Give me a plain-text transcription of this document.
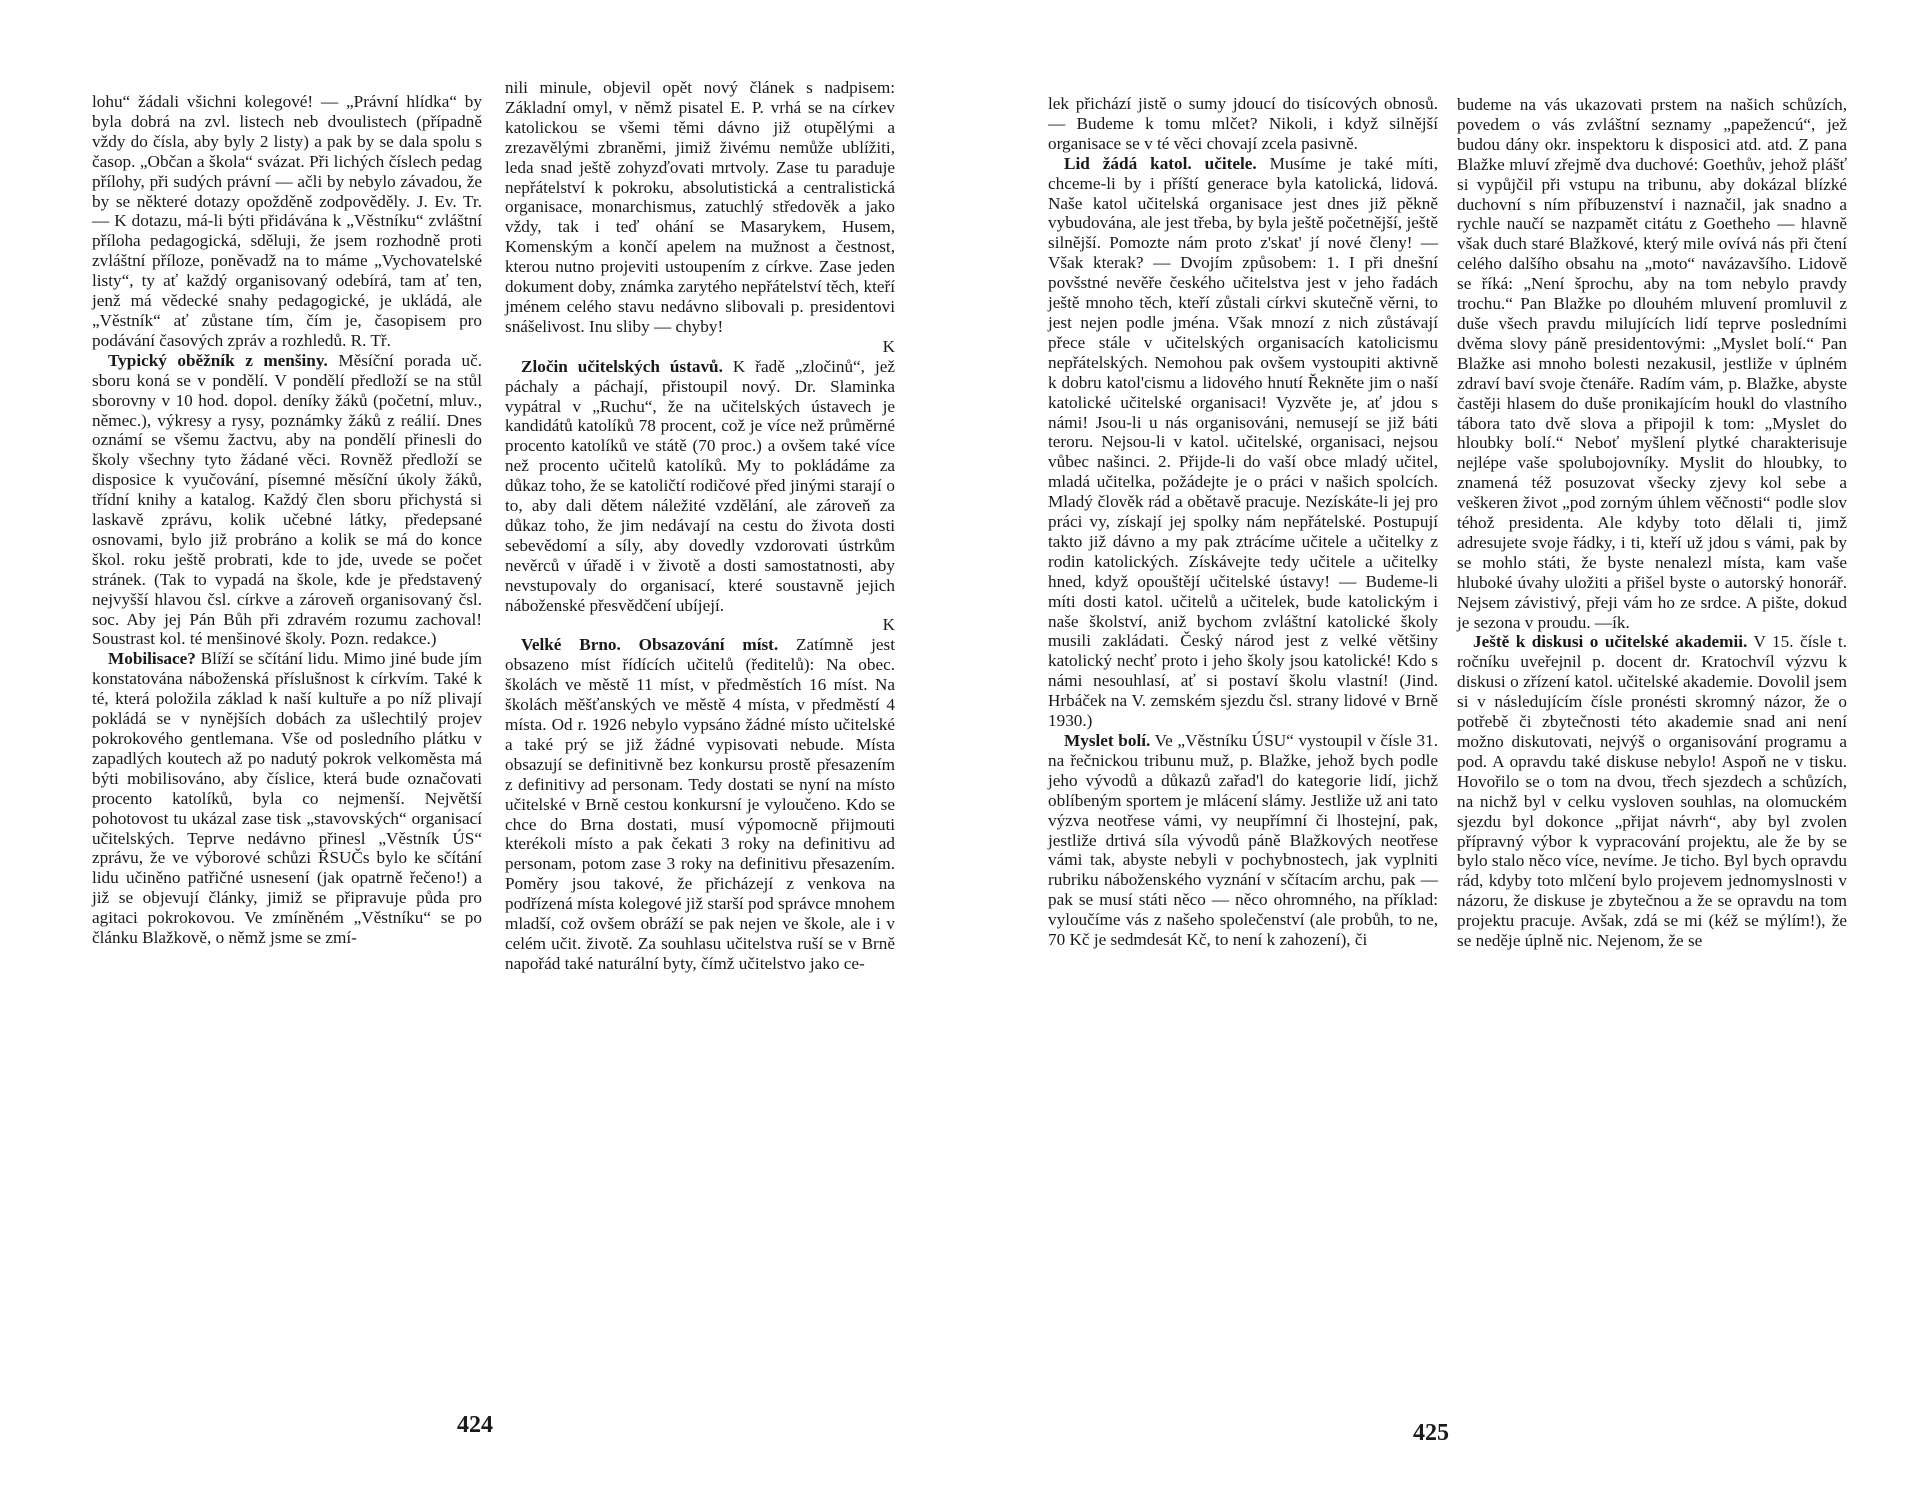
lohu“ žádali všichni kolegové! — „Právní hlídka“ by byla dobrá na zvl. listech neb dvoulistech (případně vždy do čísla, aby byly 2 listy) a pak by se dala spolu s časop. „Občan a škola“ svázat. Při lichých číslech pedag přílohy, při sudých právní — ačli by nebylo závadou, že by se některé dotazy opožděně zodpověděly. J. Ev. Tr. — K dotazu, má-li býti přidávána k „Věstníku“ zvláštní příloha pedagogická, sděluji, že jsem rozhodně proti zvláštní příloze, poněvadž na to máme „Vychovatelské listy“, ty ať každý organisovaný odebírá, tam ať ten, jenž má vědecké snahy pedagogické, je ukládá, ale „Věstník“ ať zůstane tím, čím je, časopisem pro podávání časových zpráv a rozhledů. R. Tř.

Typický oběžník z menšiny. Měsíční porada uč. sboru koná se v pondělí. V pondělí předloží se na stůl sborovny v 10 hod. dopol. deníky žáků (početní, mluv., němec.), výkresy a rysy, poznámky žáků z reálií. Dnes oznámí se všemu žactvu, aby na pondělí přinesli do školy všechny tyto žádané věci. Rovněž předloží se disposice k vyučování, písemné měsíční úkoly žáků, třídní knihy a katalog. Každý člen sboru přichystá si laskavě zprávu, kolik učebné látky, předepsané osnovami, bylo již probráno a kolik se má do konce škol. roku ještě probrati, kde to jde, uvede se počet stránek. (Tak to vypadá na škole, kde je představený nejvyšší hlavou čsl. církve a zároveň organisovaný čsl. soc. Aby jej Pán Bůh při zdravém rozumu zachoval! Soustrast kol. té menšinové školy. Pozn. redakce.)

Mobilisace? Blíží se sčítání lidu. Mimo jiné bude jím konstatována náboženská příslušnost k církvím. Také k té, která položila základ k naší kultuře a po níž plivají pokládá se v nynějších dobách za ušlechtilý projev pokrokového gentlemana. Vše od posledního plátku v zapadlých koutech až po nadutý pokrok velkoměsta má býti mobilisováno, aby číslice, která bude označovati procento katolíků, byla co nejmenší. Největší pohotovost tu ukázal zase tisk „stavovských“ organisací učitelských. Teprve nedávno přinesl „Věstník ÚS“ zprávu, že ve výborové schůzi ŘSUČs bylo ke sčítání lidu učiněno patřičné usnesení (jak opatrně řečeno!) a již se objevují články, jimiž se připravuje půda pro agitaci pokrokovou. Ve zmíněném „Věstníku“ se po článku Blažkově, o němž jsme se zmí-

nili minule, objevil opět nový článek s nadpisem: Základní omyl, v němž pisatel E. P. vrhá se na církev katolickou se všemi těmi dávno již otupělými a zrezavělými zbraněmi, jimiž živému nemůže ublížiti, leda snad ještě zohyzďovati mrtvoly. Zase tu paraduje nepřátelství k pokroku, absolutistická a centralistická organisace, monarchismus, zatuchlý středověk a jako vždy, tak i teď ohání se Masarykem, Husem, Komenským a končí apelem na mužnost a čestnost, kterou nutno projeviti ustoupením z církve. Zase jeden dokument doby, známka zarytého nepřátelství těch, kteří jménem celého stavu nedávno slibovali p. presidentovi snášelivost. Inu sliby — chyby!
K

Zločin učitelských ústavů. K řadě „zločinů“, jež páchaly a páchají, přistoupil nový. Dr. Slaminka vypátral v „Ruchu“, že na učitelských ústavech je kandidátů katolíků 78 procent, což je více než průměrné procento katolíků ve státě (70 proc.) a ovšem také více než procento učitelů katolíků. My to pokládáme za důkaz toho, že se katoličtí rodičové před jinými starají o to, aby dali dětem náležité vzdělání, ale zároveň za důkaz toho, že jim nedávají na cestu do života dosti sebevědomí a síly, aby dovedly vzdorovati ústrkům nevěrců v úřadě i v životě a dosti samostatnosti, aby nevstupovaly do organisací, které soustavně jejich náboženské přesvědčení ubíjejí.
K

Velké Brno. Obsazování míst. Zatímně jest obsazeno míst řídících učitelů (ředitelů): Na obec. školách ve městě 11 míst, v předměstích 16 míst. Na školách měšťanských ve městě 4 místa, v předměstí 4 místa. Od r. 1926 nebylo vypsáno žádné místo učitelské a také prý se již žádné vypisovati nebude. Místa obsazují se definitivně bez konkursu prostě přesazením z definitivy ad personam. Tedy dostati se nyní na místo učitelské v Brně cestou konkursní je vyloučeno. Kdo se chce do Brna dostati, musí výpomocně přijmouti kterékoli místo a pak čekati 3 roky na definitivu ad personam, potom zase 3 roky na definitivu přesazením. Poměry jsou takové, že přicházejí z venkova na podřízená místa kolegové již starší pod správce mnohem mladší, což ovšem obráží se pak nejen ve škole, ale i v celém učit. životě. Za souhlasu učitelstva ruší se v Brně napořád také naturální byty, čímž učitelstvo jako ce-

424

lek přichází jistě o sumy jdoucí do tisícových obnosů. — Budeme k tomu mlčet? Nikoli, i když silnější organisace se v té věci chovají zcela pasivně.

Lid žádá katol. učitele. Musíme je také míti, chceme-li by i příští generace byla katolická, lidová. Naše katol učitelská organisace jest dnes již pěkně vybudována, ale jest třeba, by byla ještě početnější, ještě silnější. Pomozte nám proto z'skat' jí nové členy! — Však kterak? — Dvojím způsobem: 1. I při dnešní povšstné nevěře českého učitelstva jest v jeho řadách ještě mnoho těch, kteří zůstali církvi skutečně věrni, to jest nejen podle jména. Však mnozí z nich zůstávají přece stále v učitelských organisacích katolicismu nepřátelských. Nemohou pak ovšem vystoupiti aktivně k dobru katol'cismu a lidového hnutí Řekněte jim o naší katolické učitelské organisaci! Vyzvěte je, ať jdou s námi! Jsou-li u nás organisováni, nemusejí se již báti teroru. Nejsou-li v katol. učitelské, organisaci, nejsou vůbec našinci. 2. Přijde-li do vaší obce mladý učitel, mladá učitelka, požádejte je o práci v našich spolcích. Mladý člověk rád a obětavě pracuje. Nezískáte-li jej pro práci vy, získají jej spolky nám nepřátelské. Postupují takto již dávno a my pak ztrácíme učitele a učitelky z rodin katolických. Získávejte tedy učitele a učitelky hned, když opouštějí učitelské ústavy! — Budeme-li míti dosti katol. učitelů a učitelek, bude katolickým i naše školství, aniž bychom zvláštní katolické školy musili zakládati. Český národ jest z velké většiny katolický nechť proto i jeho školy jsou katolické! Kdo s námi nesouhlasí, ať si postaví školu vlastní! (Jind. Hrbáček na V. zemském sjezdu čsl. strany lidové v Brně 1930.)

Myslet bolí. Ve „Věstníku ÚSU“ vystoupil v čísle 31. na řečnickou tribunu muž, p. Blažke, jehož bych podle jeho vývodů a důkazů zařad'l do kategorie lidí, jichž oblíbeným sportem je mlácení slámy. Jestliže už ani tato výzva neotřese vámi, vy neupřímní či lhostejní, pak, jestliže drtivá síla vývodů páně Blažkových neotřese vámi tak, abyste nebyli v pochybnostech, jak vyplniti rubriku náboženského vyznání v sčítacím archu, pak — pak se musí státi něco — něco ohromného, na příklad: vyloučíme vás z našeho společenství (ale probůh, to ne, 70 Kč je sedmdesát Kč, to není k zahození), či

budeme na vás ukazovati prstem na našich schůzích, povedem o vás zvláštní seznamy „papežencú“, jež budou dány okr. inspektoru k disposici atd. atd. Z pana Blažke mluví zřejmě dva duchové: Goethův, jehož plášť si vypůjčil při vstupu na tribunu, aby dokázal blízké duchovní s ním příbuzenství i naznačil, jak snadno a rychle naučí se nazpamět citátu z Goetheho — hlavně však duch staré Blažkové, který mile ovívá nás při čtení celého dalšího obsahu na „moto“ navázavšího. Lidově se říká: „Není šprochu, aby na tom nebylo pravdy trochu.“ Pan Blažke po dlouhém mluvení promluvil z duše všech pravdu milujících lidí teprve posledními dvěma slovy páně presidentovými: „Myslet bolí.“ Pan Blažke asi mnoho bolesti nezakusil, jestliže v úplném zdraví baví svoje čtenáře. Radím vám, p. Blažke, abyste častěji hlasem do duše pronikajícím houkl do vlastního tábora tato dvě slova a připojil k tom: „Myslet do hloubky bolí.“ Neboť myšlení plytké charakterisuje nejlépe vaše spolubojovníky. Myslit do hloubky, to znamená též posuzovat všecky zjevy kol sebe a veškeren život „pod zorným úhlem věčnosti“ podle slov téhož presidenta. Ale kdyby toto dělali ti, jimž adresujete svoje řádky, i ti, kteří už jdou s vámi, pak by se mohlo státi, že byste nenalezl místa, kam vaše hluboké úvahy uložiti a přišel byste o autorský honorář. Nejsem závistivý, přeji vám ho ze srdce. A pište, dokud je sezona v proudu. —ík.

Ještě k diskusi o učitelské akademii. V 15. čísle t. ročníku uveřejnil p. docent dr. Kratochvíl výzvu k diskusi o zřízení katol. učitelské akademie. Dovolil jsem si v následujícím čísle pronésti skromný názor, že o potřebě či zbytečnosti této akademie snad ani není možno diskutovati, nejvýš o organisování programu a pod. A opravdu také diskuse nebylo! Aspoň ne v tisku. Hovořilo se o tom na dvou, třech sjezdech a schůzích, na nichž byl v celku vysloven souhlas, na olomuckém sjezdu byl dokonce „přijat návrh“, aby byl zvolen přípravný výbor k vypracování projektu, ale že by se bylo stalo něco více, nevíme. Je ticho. Byl bych opravdu rád, kdyby toto mlčení bylo projevem jednomyslnosti v názoru, že diskuse je zbytečnou a že se opravdu na tom projektu pracuje. Avšak, zdá se mi (kéž se mýlím!), že se neděje úplně nic. Nejenom, že se

425
